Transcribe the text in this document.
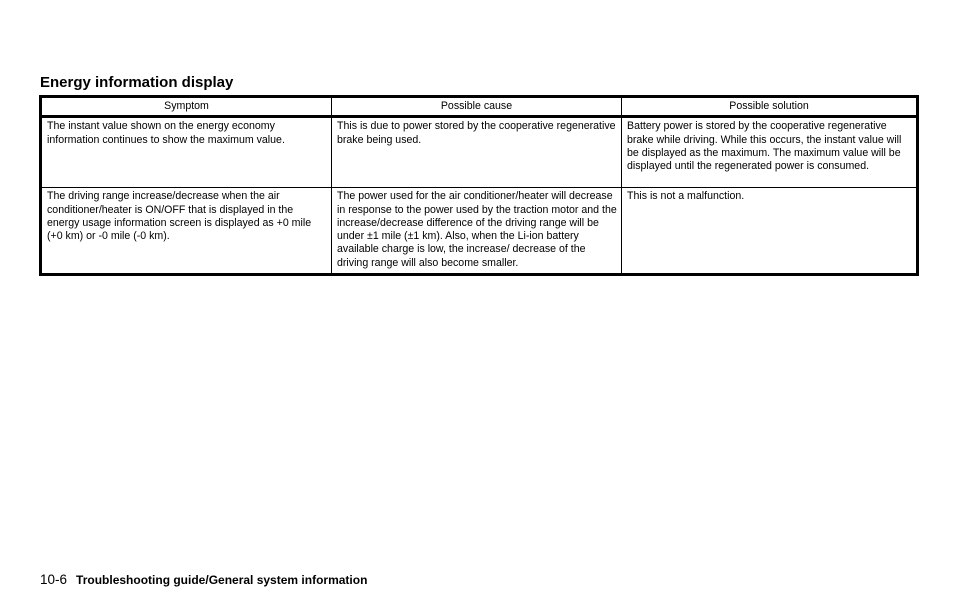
Energy information display
Symptom	Possible cause	Possible solution
The instant value shown on the energy economy information continues to show the maximum value.	This is due to power stored by the cooperative regenerative brake being used.	Battery power is stored by the cooperative regenerative brake while driving. While this occurs, the instant value will be displayed as the maximum. The maximum value will be displayed until the regenerated power is consumed.
The driving range increase/decrease when the air conditioner/heater is ON/OFF that is displayed in the energy usage information screen is displayed as +0 mile (+0 km) or -0 mile (-0 km).	The power used for the air conditioner/heater will decrease in response to the power used by the traction motor and the increase/decrease difference of the driving range will be under ±1 mile (±1 km). Also, when the Li-ion battery available charge is low, the increase/ decrease of the driving range will also become smaller.	This is not a malfunction.
10-6 Troubleshooting guide/General system information
